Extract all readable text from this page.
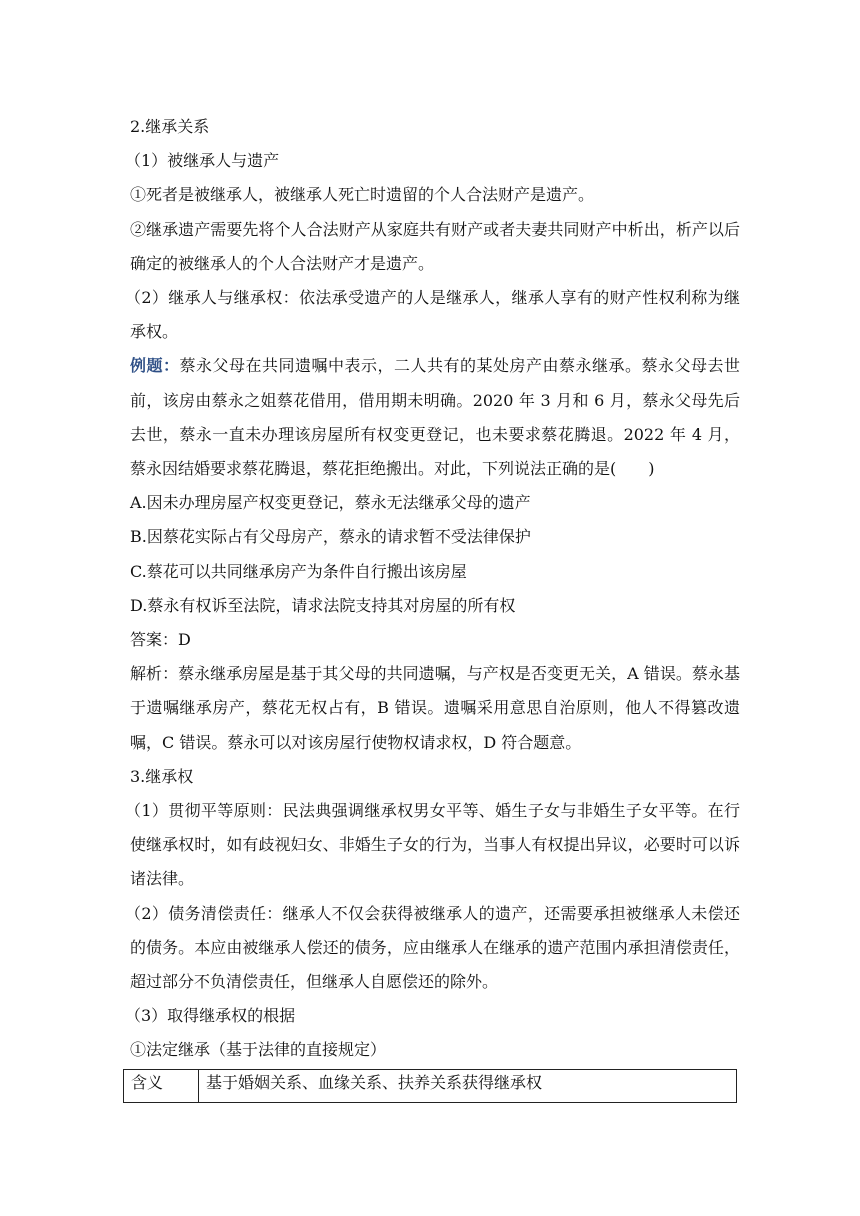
2.继承关系

（1）被继承人与遗产

①死者是被继承人，被继承人死亡时遗留的个人合法财产是遗产。

②继承遗产需要先将个人合法财产从家庭共有财产或者夫妻共同财产中析出，析产以后确定的被继承人的个人合法财产才是遗产。

（2）继承人与继承权：依法承受遗产的人是继承人，继承人享有的财产性权利称为继承权。

例题：蔡永父母在共同遗嘱中表示，二人共有的某处房产由蔡永继承。蔡永父母去世前，该房由蔡永之姐蔡花借用，借用期未明确。2020 年 3 月和 6 月，蔡永父母先后去世，蔡永一直未办理该房屋所有权变更登记，也未要求蔡花腾退。2022 年 4 月，蔡永因结婚要求蔡花腾退，蔡花拒绝搬出。对此，下列说法正确的是(　　)

A.因未办理房屋产权变更登记，蔡永无法继承父母的遗产

B.因蔡花实际占有父母房产，蔡永的请求暂不受法律保护

C.蔡花可以共同继承房产为条件自行搬出该房屋

D.蔡永有权诉至法院，请求法院支持其对房屋的所有权

答案：D

解析：蔡永继承房屋是基于其父母的共同遗嘱，与产权是否变更无关，A 错误。蔡永基于遗嘱继承房产，蔡花无权占有，B 错误。遗嘱采用意思自治原则，他人不得篡改遗嘱，C 错误。蔡永可以对该房屋行使物权请求权，D 符合题意。

3.继承权

（1）贯彻平等原则：民法典强调继承权男女平等、婚生子女与非婚生子女平等。在行使继承权时，如有歧视妇女、非婚生子女的行为，当事人有权提出异议，必要时可以诉诸法律。

（2）债务清偿责任：继承人不仅会获得被继承人的遗产，还需要承担被继承人未偿还的债务。本应由被继承人偿还的债务，应由继承人在继承的遗产范围内承担清偿责任，超过部分不负清偿责任，但继承人自愿偿还的除外。

（3）取得继承权的根据

①法定继承（基于法律的直接规定）

含义	基于婚姻关系、血缘关系、扶养关系获得继承权
